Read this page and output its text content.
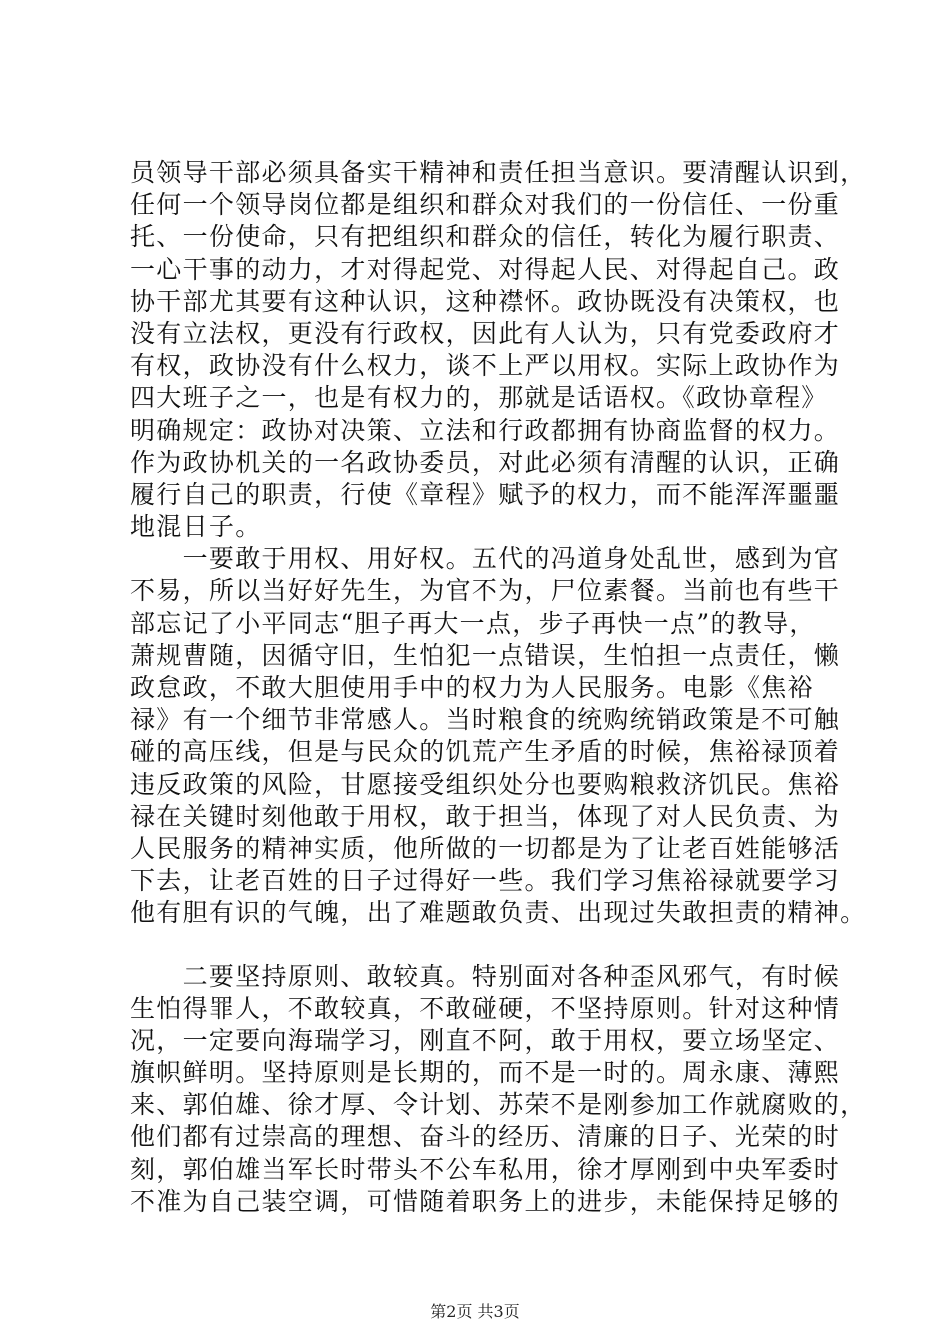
员领导干部必须具备实干精神和责任担当意识。要清醒认识到，
任何一个领导岗位都是组织和群众对我们的一份信任、一份重
托、一份使命，只有把组织和群众的信任，转化为履行职责、
一心干事的动力，才对得起党、对得起人民、对得起自己。政
协干部尤其要有这种认识，这种襟怀。政协既没有决策权，也
没有立法权，更没有行政权，因此有人认为，只有党委政府才
有权，政协没有什么权力，谈不上严以用权。实际上政协作为
四大班子之一，也是有权力的，那就是话语权。《政协章程》
明确规定：政协对决策、立法和行政都拥有协商监督的权力。
作为政协机关的一名政协委员，对此必须有清醒的认识，正确
履行自己的职责，行使《章程》赋予的权力，而不能浑浑噩噩
地混日子。
　　一要敢于用权、用好权。五代的冯道身处乱世，感到为官
不易，所以当好好先生，为官不为，尸位素餐。当前也有些干
部忘记了小平同志“胆子再大一点，步子再快一点”的教导，
萧规曹随，因循守旧，生怕犯一点错误，生怕担一点责任，懒
政怠政，不敢大胆使用手中的权力为人民服务。电影《焦裕
禄》有一个细节非常感人。当时粮食的统购统销政策是不可触
碰的高压线，但是与民众的饥荒产生矛盾的时候，焦裕禄顶着
违反政策的风险，甘愿接受组织处分也要购粮救济饥民。焦裕
禄在关键时刻他敢于用权，敢于担当，体现了对人民负责、为
人民服务的精神实质，他所做的一切都是为了让老百姓能够活
下去，让老百姓的日子过得好一些。我们学习焦裕禄就要学习
他有胆有识的气魄，出了难题敢负责、出现过失敢担责的精神。
　　二要坚持原则、敢较真。特别面对各种歪风邪气，有时候
生怕得罪人，不敢较真，不敢碰硬，不坚持原则。针对这种情
况，一定要向海瑞学习，刚直不阿，敢于用权，要立场坚定、
旗帜鲜明。坚持原则是长期的，而不是一时的。周永康、薄熙
来、郭伯雄、徐才厚、令计划、苏荣不是刚参加工作就腐败的，
他们都有过崇高的理想、奋斗的经历、清廉的日子、光荣的时
刻，郭伯雄当军长时带头不公车私用，徐才厚刚到中央军委时
不准为自己装空调，可惜随着职务上的进步，未能保持足够的
第2页 共3页
